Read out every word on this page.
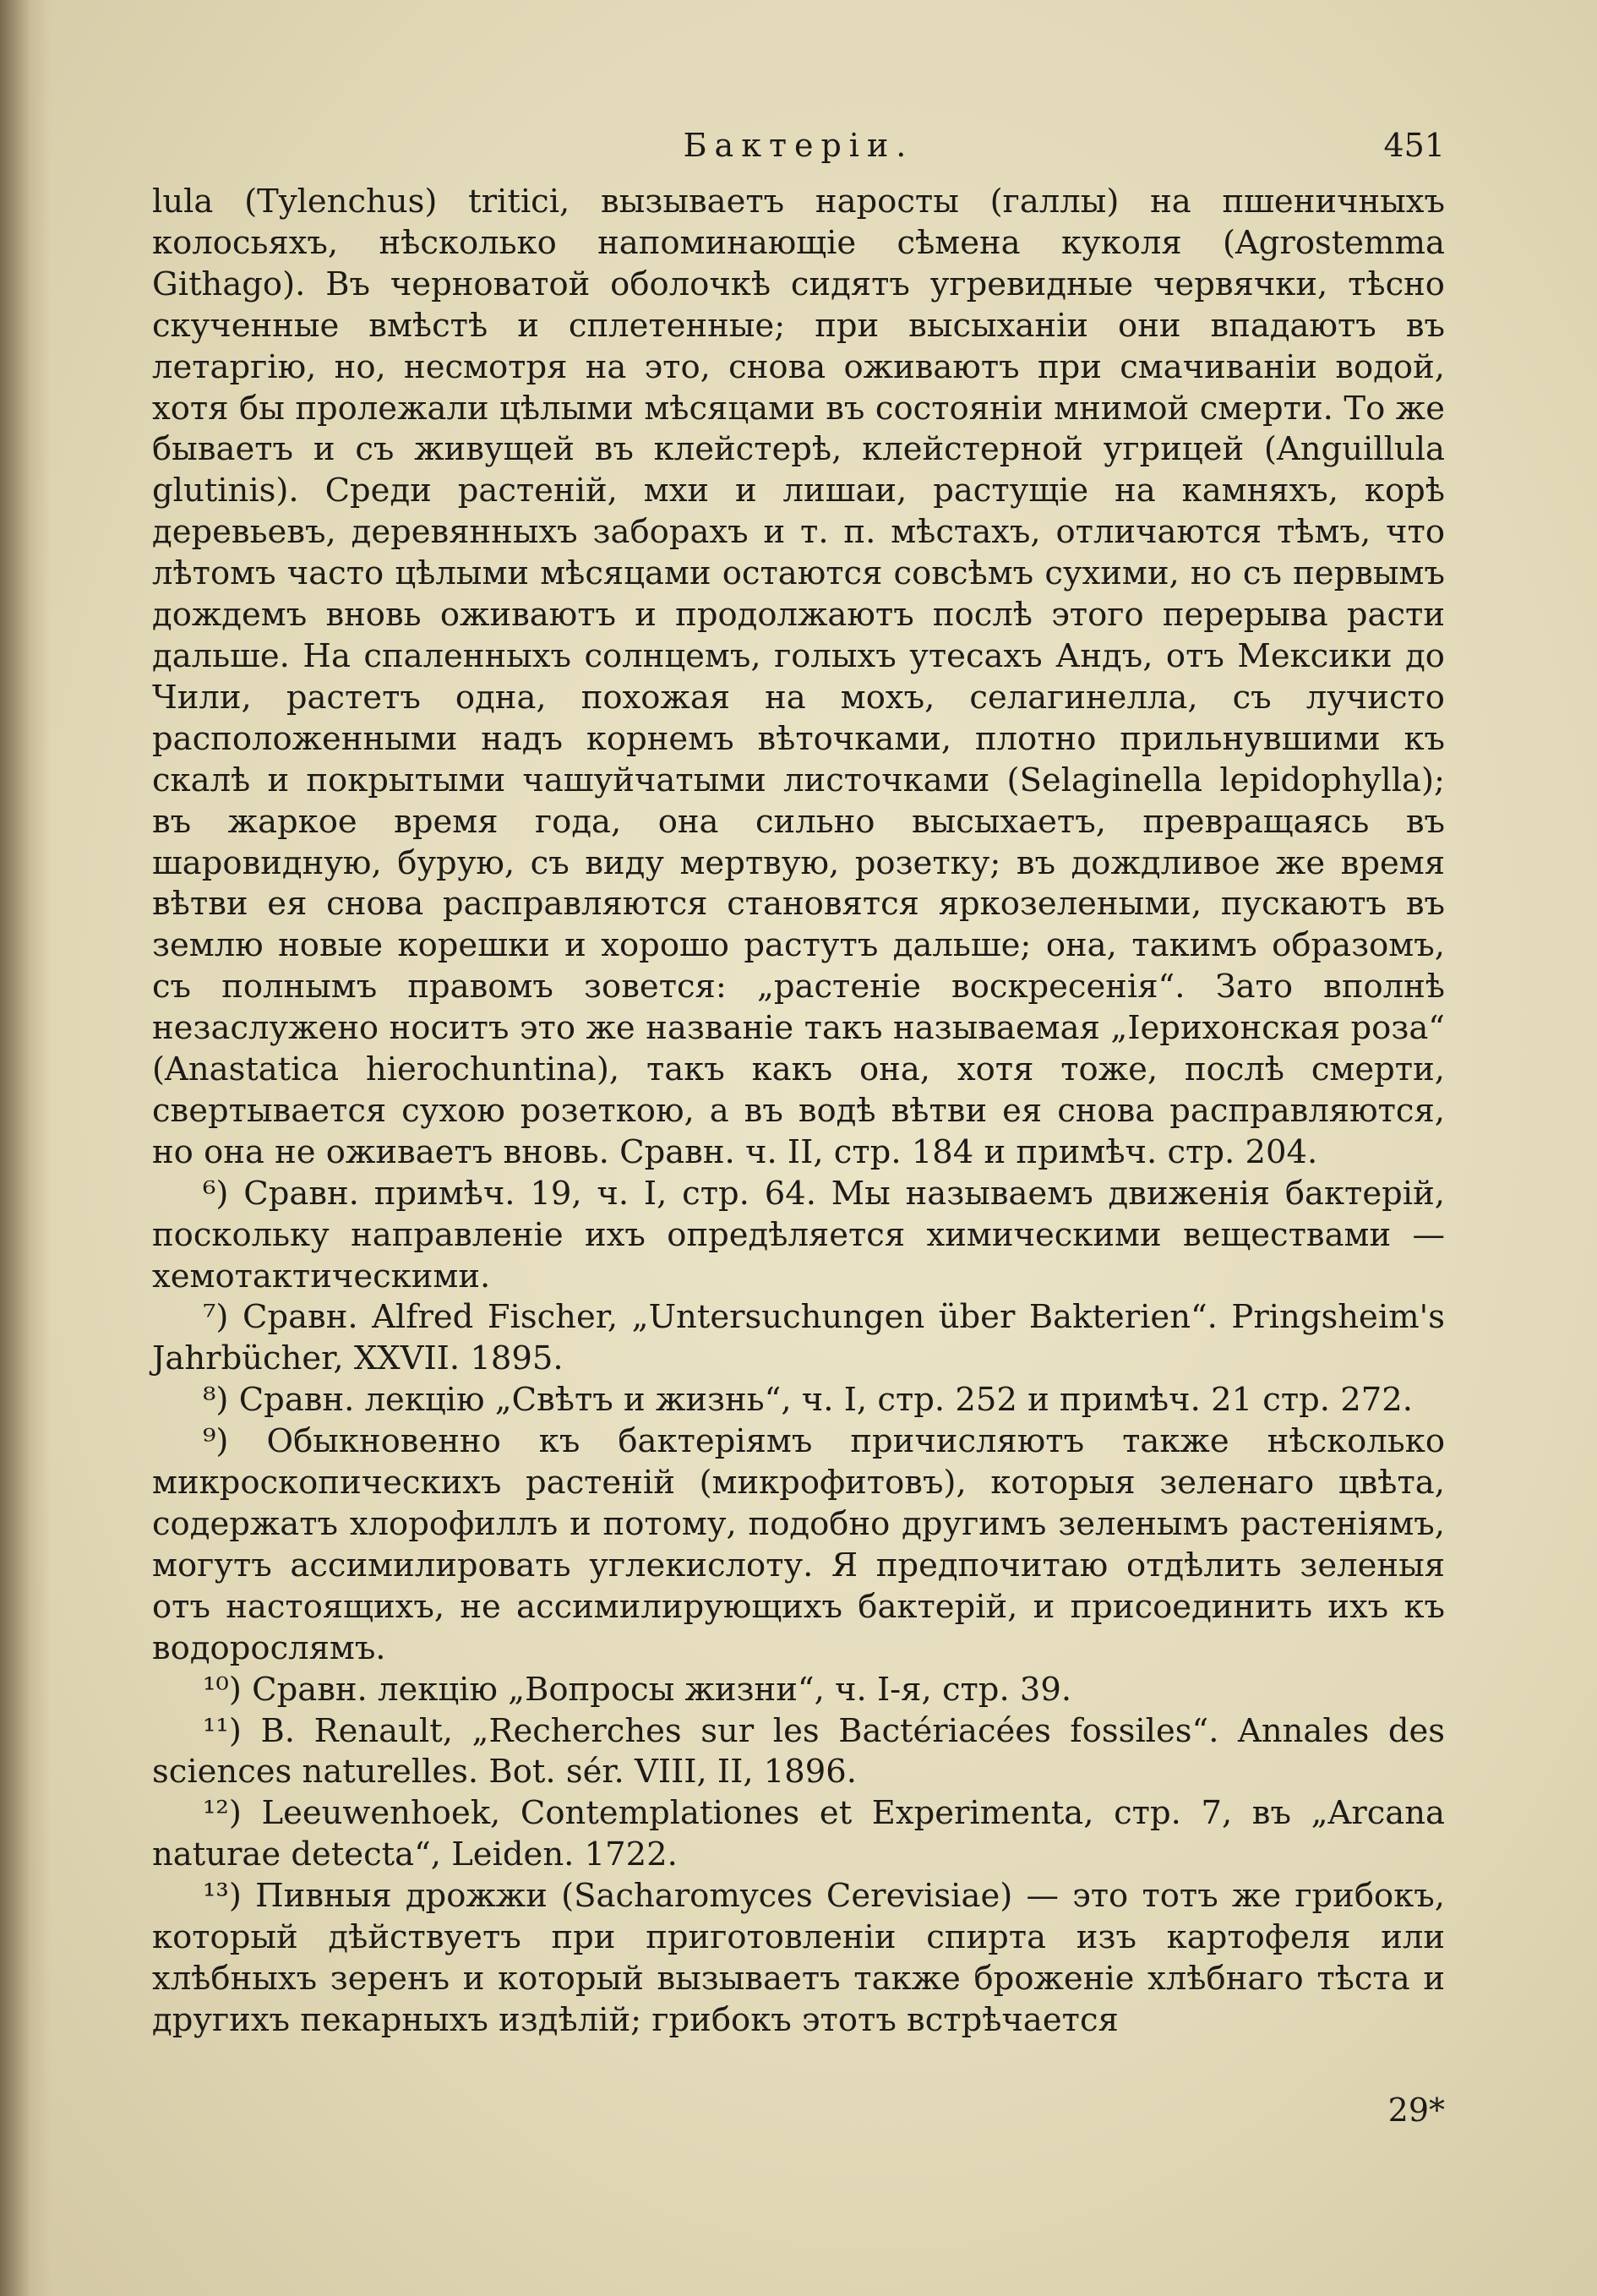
Бактерiи.	451

lula (Tylenchus) tritici, вызываетъ наросты (галлы) на пшеничныхъ колосьяхъ, нѣсколько напоминающiе сѣмена куколя (Agrostemma Githago). Въ черноватой оболочкѣ сидятъ угревидные червячки, тѣсно скученные вмѣстѣ и сплетенные; при высыханiи они впадаютъ въ летаргiю, но, несмотря на это, снова оживаютъ при смачиванiи водой, хотя бы пролежали цѣлыми мѣсяцами въ состоянiи мнимой смерти. То же бываетъ и съ живущей въ клейстерѣ, клейстерной угрицей (Anguillula glutinis). Среди растенiй, мхи и лишаи, растущiе на камняхъ, корѣ деревьевъ, деревянныхъ заборахъ и т. п. мѣстахъ, отличаются тѣмъ, что лѣтомъ часто цѣлыми мѣсяцами остаются совсѣмъ сухими, но съ первымъ дождемъ вновь оживаютъ и продолжаютъ послѣ этого перерыва расти дальше. На спаленныхъ солнцемъ, голыхъ утесахъ Андъ, отъ Мексики до Чили, растетъ одна, похожая на мохъ, селагинелла, съ лучисто расположенными надъ корнемъ вѣточками, плотно прильнувшими къ скалѣ и покрытыми чашуйчатыми листочками (Selaginella lepidophylla); въ жаркое время года, она сильно высыхаетъ, превращаясь въ шаровидную, бурую, съ виду мертвую, розетку; въ дождливое же время вѣтви ея снова расправляются становятся яркозелеными, пускаютъ въ землю новые корешки и хорошо растутъ дальше; она, такимъ образомъ, съ полнымъ правомъ зовется: „растенiе воскресенiя“. Зато вполнѣ незаслужено носитъ это же названiе такъ называемая „Iерихонская роза“ (Anastatica hierochuntina), такъ какъ она, хотя тоже, послѣ смерти, свертывается сухою розеткою, а въ водѣ вѣтви ея снова расправляются, но она не оживаетъ вновь. Сравн. ч. II, стр. 184 и примѣч. стр. 204.

⁶) Сравн. примѣч. 19, ч. I, стр. 64. Мы называемъ движенiя бактерiй, поскольку направленiе ихъ опредѣляется химическими веществами — хемотактическими.

⁷) Сравн. Alfred Fischer, „Untersuchungen über Bakterien“. Pringsheim's Jahrbücher, XXVII. 1895.

⁸) Сравн. лекцiю „Свѣтъ и жизнь“, ч. I, стр. 252 и примѣч. 21 стр. 272.

⁹) Обыкновенно къ бактерiямъ причисляютъ также нѣсколько микроскопическихъ растенiй (микрофитовъ), которыя зеленаго цвѣта, содержатъ хлорофиллъ и потому, подобно другимъ зеленымъ растенiямъ, могутъ ассимилировать углекислоту. Я предпочитаю отдѣлить зеленыя отъ настоящихъ, не ассимилирующихъ бактерiй, и присоединить ихъ къ водорослямъ.

¹⁰) Сравн. лекцiю „Вопросы жизни“, ч. I-я, стр. 39.

¹¹) B. Renault, „Recherches sur les Bactériacées fossiles“. Annales des sciences naturelles. Bot. sér. VIII, II, 1896.

¹²) Leeuwenhoek, Contemplationes et Experimenta, стр. 7, въ „Arcana naturae detecta“, Leiden. 1722.

¹³) Пивныя дрожжи (Sacharomyces Cerevisiae) — это тотъ же грибокъ, который дѣйствуетъ при приготовленiи спирта изъ картофеля или хлѣбныхъ зеренъ и который вызываетъ также броженiе хлѣбнаго тѣста и другихъ пекарныхъ издѣлiй; грибокъ этотъ встрѣчается

29*
